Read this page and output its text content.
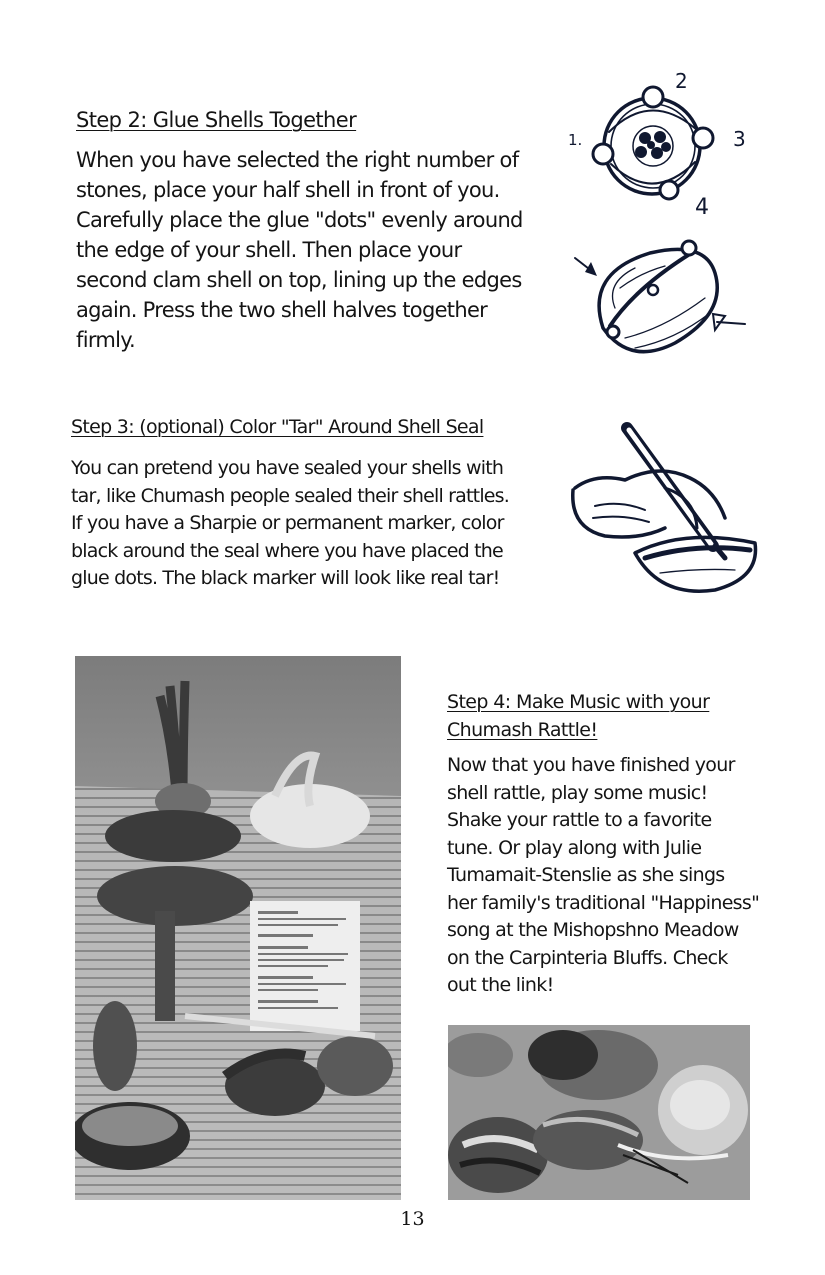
Step 2: Glue Shells Together
When you have selected the right number of
stones, place your half shell in front of you.
Carefully place the glue "dots" evenly around
the edge of your shell. Then place your
second clam shell on top, lining up the edges
again. Press the two shell halves together
firmly.
1.
2
3
4
Step 3: (optional) Color "Tar" Around Shell Seal
You can pretend you have sealed your shells with
tar, like Chumash people sealed their shell rattles.
If you have a Sharpie or permanent marker, color
black around the seal where you have placed the
glue dots. The black marker will look like real tar!
Step 4: Make Music with your
Chumash Rattle!
Now that you have finished your
shell rattle, play some music!
Shake your rattle to a favorite
tune. Or play along with Julie
Tumamait-Stenslie as she sings
her family's traditional "Happiness"
song at the Mishopshno Meadow
on the Carpinteria Bluffs. Check
out the link!
13
